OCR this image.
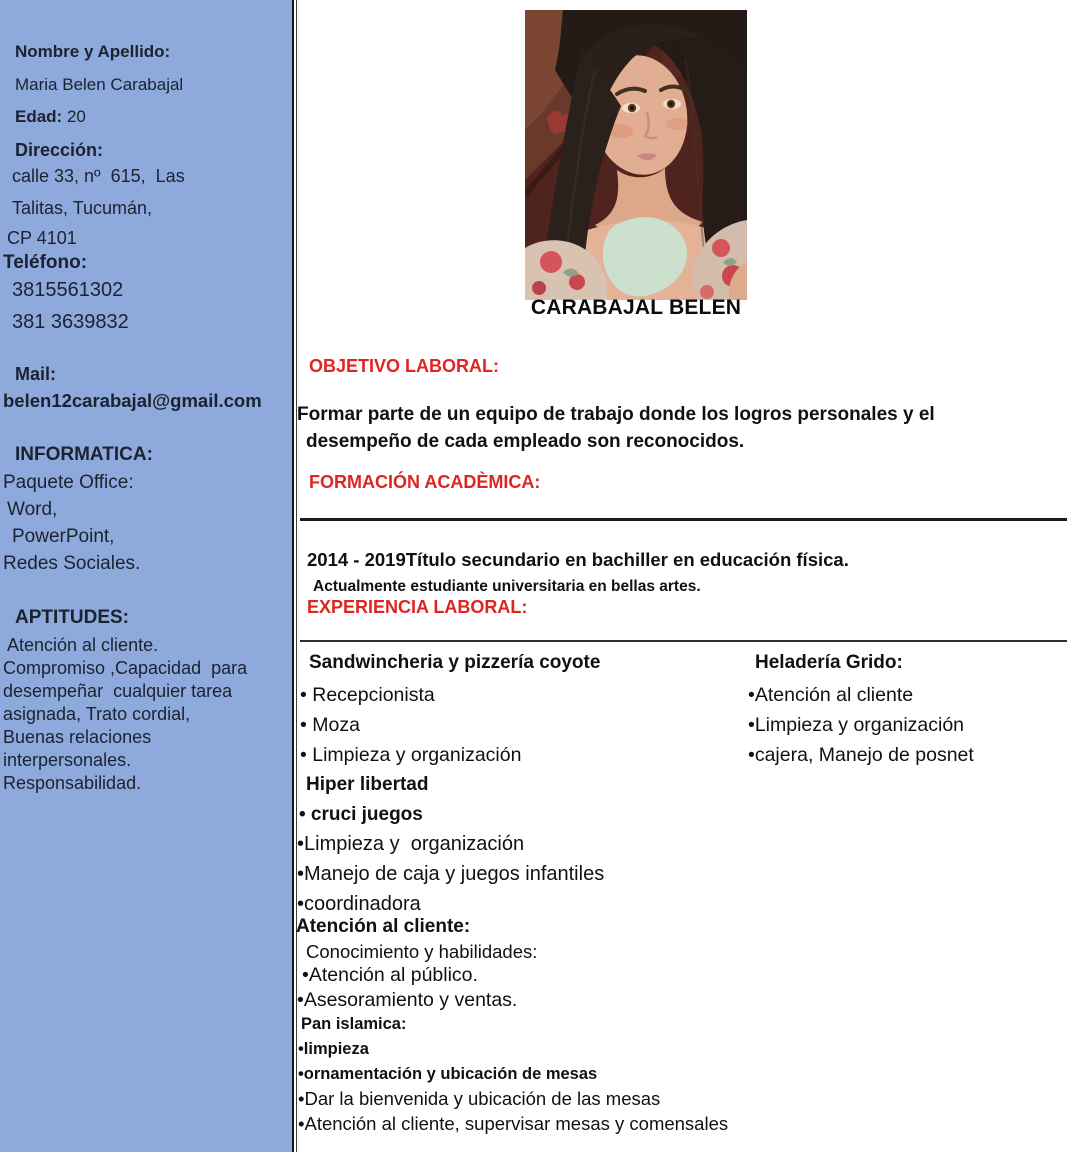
Nombre y Apellido:
Maria Belen Carabajal
Edad: 20
Dirección:
calle 33, nº  615,  Las
Talitas, Tucumán,
CP 4101
Teléfono:
3815561302
381 3639832
Mail:
belen12carabajal@gmail.com
INFORMATICA:
Paquete Office:
Word,
PowerPoint,
Redes Sociales.
APTITUDES:
Atención al cliente.
Compromiso ,Capacidad  para
desempeñar  cualquier tarea
asignada, Trato cordial,
Buenas relaciones
interpersonales.
Responsabilidad.
CARABAJAL BELEN
OBJETIVO LABORAL:
Formar parte de un equipo de trabajo donde los logros personales y el
desempeño de cada empleado son reconocidos.
FORMACIÓN ACADÈMICA:
2014 - 2019Título secundario en bachiller en educación física.
Actualmente estudiante universitaria en bellas artes.
EXPERIENCIA LABORAL:
Sandwincheria y pizzería coyote
• Recepcionista
• Moza
• Limpieza y organización
Heladería Grido:
•Atención al cliente
•Limpieza y organización
•cajera, Manejo de posnet
Hiper libertad
• cruci juegos
•Limpieza y  organización
•Manejo de caja y juegos infantiles
•coordinadora
Atención al cliente:
Conocimiento y habilidades:
•Atención al público.
•Asesoramiento y ventas.
Pan islamica:
•limpieza
•ornamentación y ubicación de mesas
•Dar la bienvenida y ubicación de las mesas
•Atención al cliente, supervisar mesas y comensales
